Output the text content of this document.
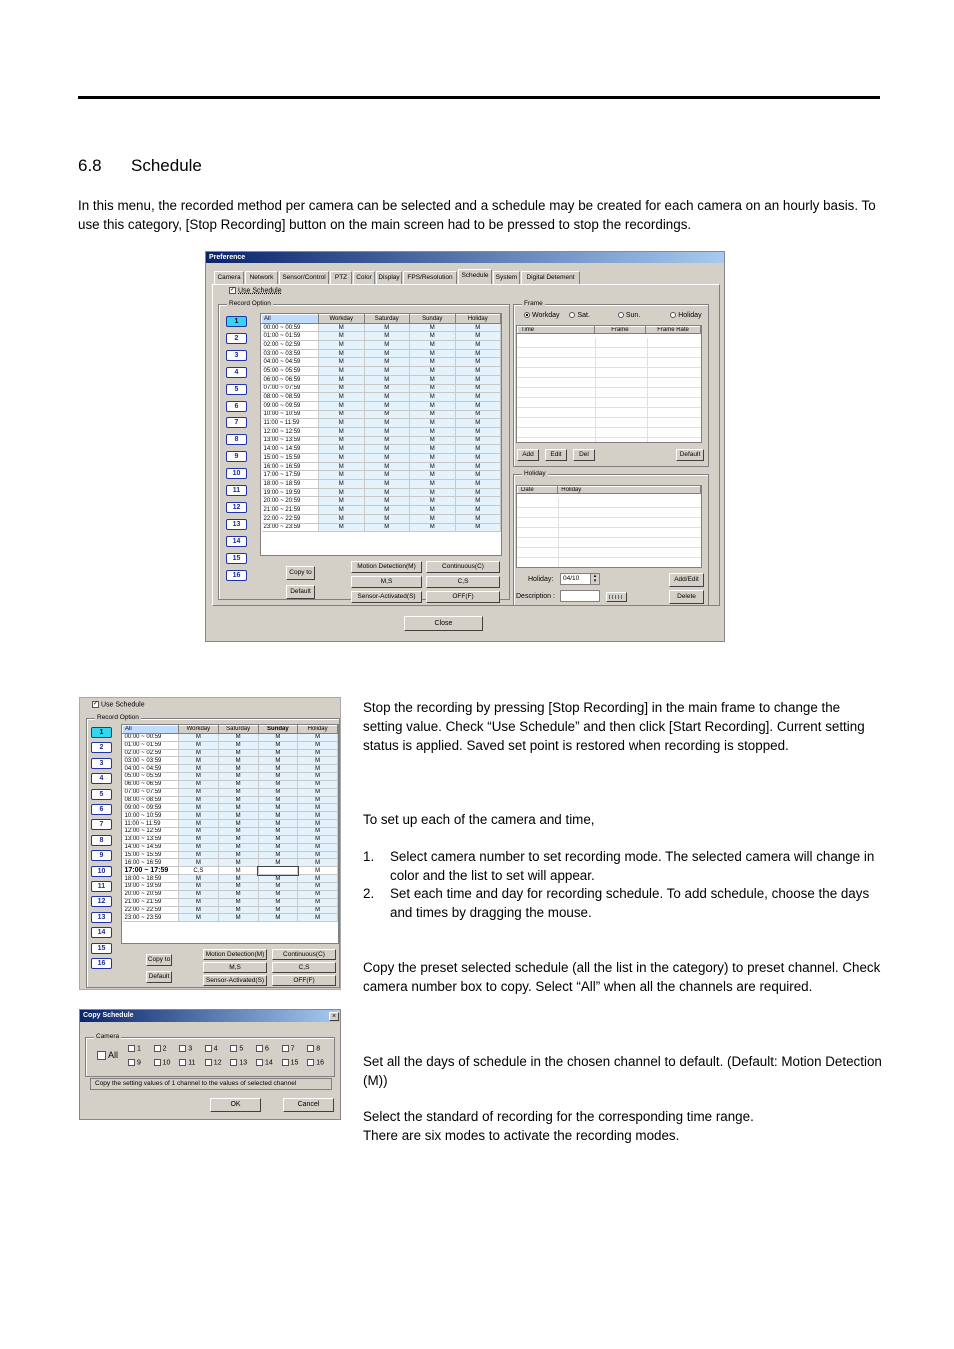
6.8 Schedule
In this menu, the recorded method per camera can be selected and a schedule may be created for each camera on an hourly basis. To use this category, [Stop Recording] button on the main screen had to be pressed to stop the recordings.
Preference
Camera	Network	Sensor/Control	PTZ	Color	Display	FPS/Resolution	Schedule	System	Digital Detement
✓ Use Schedule
Record Option
1
2
3
4
5
6
7
8
9
10
11
12
13
14
15
16
All	Workday	Saturday	Sunday	Holiday
00:00 ~ 00:59	M	M	M	M
01:00 ~ 01:59	M	M	M	M
02:00 ~ 02:59	M	M	M	M
03:00 ~ 03:59	M	M	M	M
04:00 ~ 04:59	M	M	M	M
05:00 ~ 05:59	M	M	M	M
06:00 ~ 06:59	M	M	M	M
07:00 ~ 07:59	M	M	M	M
08:00 ~ 08:59	M	M	M	M
09:00 ~ 09:59	M	M	M	M
10:00 ~ 10:59	M	M	M	M
11:00 ~ 11:59	M	M	M	M
12:00 ~ 12:59	M	M	M	M
13:00 ~ 13:59	M	M	M	M
14:00 ~ 14:59	M	M	M	M
15:00 ~ 15:59	M	M	M	M
16:00 ~ 16:59	M	M	M	M
17:00 ~ 17:59	M	M	M	M
18:00 ~ 18:59	M	M	M	M
19:00 ~ 19:59	M	M	M	M
20:00 ~ 20:59	M	M	M	M
21:00 ~ 21:59	M	M	M	M
22:00 ~ 22:59	M	M	M	M
23:00 ~ 23:59	M	M	M	M
Copy to
Default
Motion Detection(M)	Continuous(C)
M,S	C,S
Sensor-Activated(S)	OFF(F)
Frame
Workday	Sat.	Sun.	Holiday
Time	Frame	Frame Rate
Add	Edit	Del	Default
Holiday
Date	Holiday
Holiday:	04/10	▴
▾
Description :
Add/Edit
Delete
Close
✓ Use Schedule
Record Option
1
2
3
4
5
6
7
8
9
10
11
12
13
14
15
16
All	Workday	Saturday	Sunday	Holiday
00:00 ~ 00:59	M	M	M	M
01:00 ~ 01:59	M	M	M	M
02:00 ~ 02:59	M	M	M	M
03:00 ~ 03:59	M	M	M	M
04:00 ~ 04:59	M	M	M	M
05:00 ~ 05:59	M	M	M	M
06:00 ~ 06:59	M	M	M	M
07:00 ~ 07:59	M	M	M	M
08:00 ~ 08:59	M	M	M	M
09:00 ~ 09:59	M	M	M	M
10:00 ~ 10:59	M	M	M	M
11:00 ~ 11:59	M	M	M	M
12:00 ~ 12:59	M	M	M	M
13:00 ~ 13:59	M	M	M	M
14:00 ~ 14:59	M	M	M	M
15:00 ~ 15:59	M	M	M	M
16:00 ~ 16:59	M	M	M	M
17:00 ~ 17:59	C,S	M		M
18:00 ~ 18:59	M	M	M	M
19:00 ~ 19:59	M	M	M	M
20:00 ~ 20:59	M	M	M	M
21:00 ~ 21:59	M	M	M	M
22:00 ~ 22:59	M	M	M	M
23:00 ~ 23:59	M	M	M	M
Copy to
Default
Motion Detection(M)	Continuous(C)
M,S	C,S
Sensor-Activated(S)	OFF(F)
Copy Schedule	×
Camera
All
1	2	3	4	5	6	7	8
9	10	11	12	13	14	15	16
Copy the setting values of 1 channel to the values of selected channel
OK	Cancel
Stop the recording by pressing [Stop Recording] in the main frame to change the setting value. Check “Use Schedule” and then click [Start Recording]. Current setting status is applied. Saved set point is restored when recording is stopped.
To set up each of the camera and time,
1. Select camera number to set recording mode. The selected camera will change in color and the list to set will appear.
2. Set each time and day for recording schedule. To add schedule, choose the days and times by dragging the mouse.
Copy the preset selected schedule (all the list in the category) to preset channel. Check camera number box to copy. Select “All” when all the channels are required.
Set all the days of schedule in the chosen channel to default. (Default: Motion Detection (M))
Select the standard of recording for the corresponding time range.
There are six modes to activate the recording modes.
